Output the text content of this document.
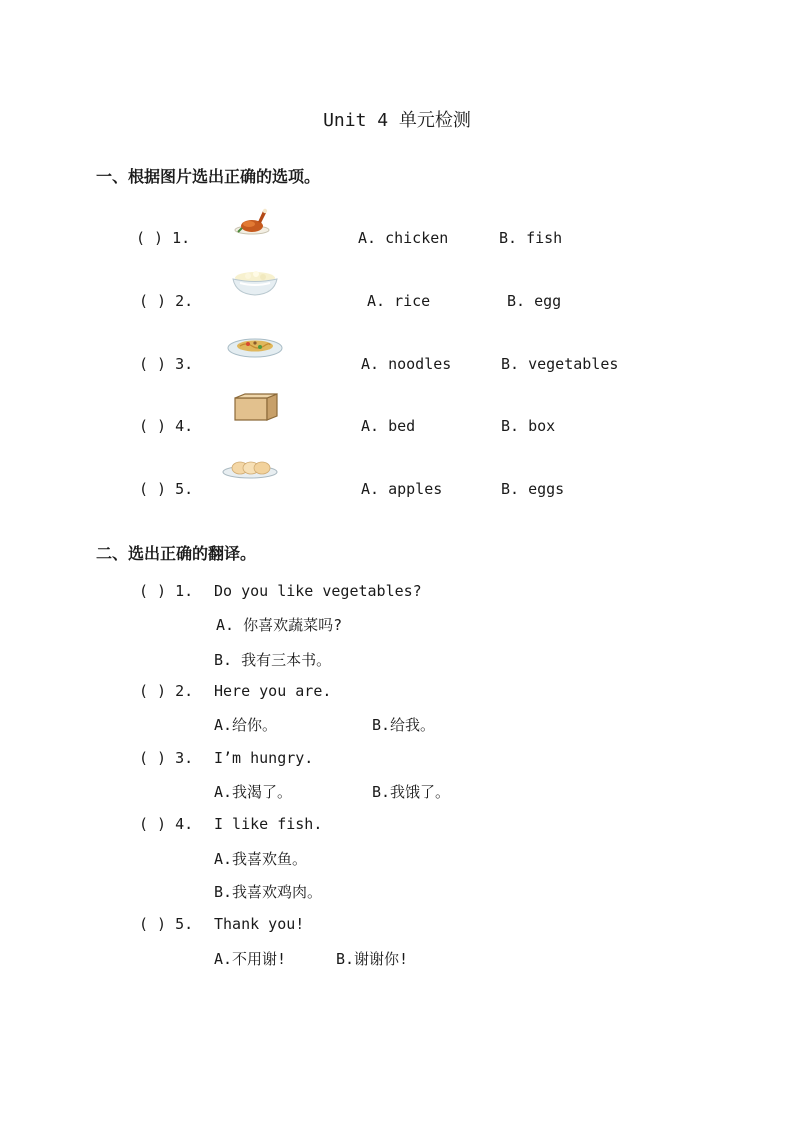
Unit 4 单元检测
一、根据图片选出正确的选项。
( ) 1.	A. chicken	B. fish
( ) 2.	A. rice	B. egg
( ) 3.	A. noodles	B. vegetables
( ) 4.	A. bed	B. box
( ) 5.	A. apples	B. eggs
二、选出正确的翻译。
( ) 1. Do you like vegetables?
A. 你喜欢蔬菜吗?
B. 我有三本书。
( ) 2. Here you are.
A.给你。	B.给我。
( ) 3. I’m hungry.
A.我渴了。	B.我饿了。
( ) 4. I like fish.
A.我喜欢鱼。
B.我喜欢鸡肉。
( ) 5. Thank you!
A.不用谢!	B.谢谢你!
